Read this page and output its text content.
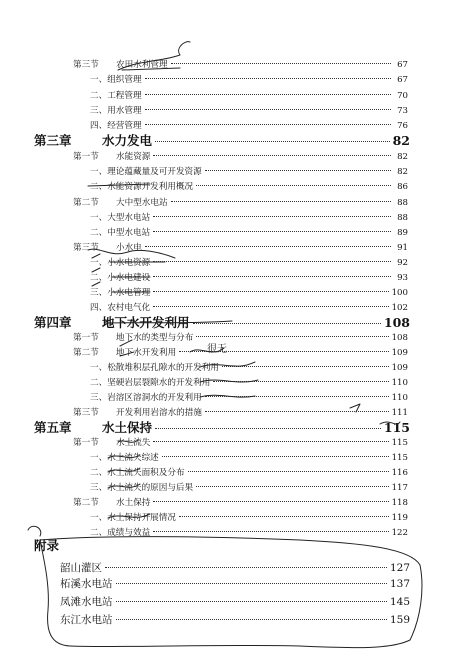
第三节	农田水利管理	67
一、 组织管理	67
二、 工程管理	70
三、 用水管理	73
四、 经营管理	76
第三章	水力发电	82
第一节	水能资源	82
一、 理论蕴藏量及可开发资源	82
二、 水能资源开发利用概况	86
第二节	大中型水电站	88
一、 大型水电站	88
二、 中型水电站	89
第三节	小水电	91
一、 小水电资源	92
二、 小水电建设	93
三、 小水电管理	100
四、 农村电气化	102
第四章	地下水开发利用	108
第一节	地下水的类型与分布	108
第二节	地下水开发利用	109
一、 松散堆积层孔隙水的开发利用	109
二、 坚硬岩层裂隙水的开发利用	110
三、 岩溶区溶洞水的开发利用	110
第三节	开发利用岩溶水的措施	111
第五章	水土保持	115
第一节	水土流失	115
一、 水土流失综述	115
二、 水土流失面积及分布	116
三、 水土流失的原因与后果	117
第二节	水土保持	118
一、 水土保持开展情况	119
二、 成绩与效益	122
附录
韶山灌区	127
柘溪水电站	137
凤滩水电站	145
东江水电站	159
很无
